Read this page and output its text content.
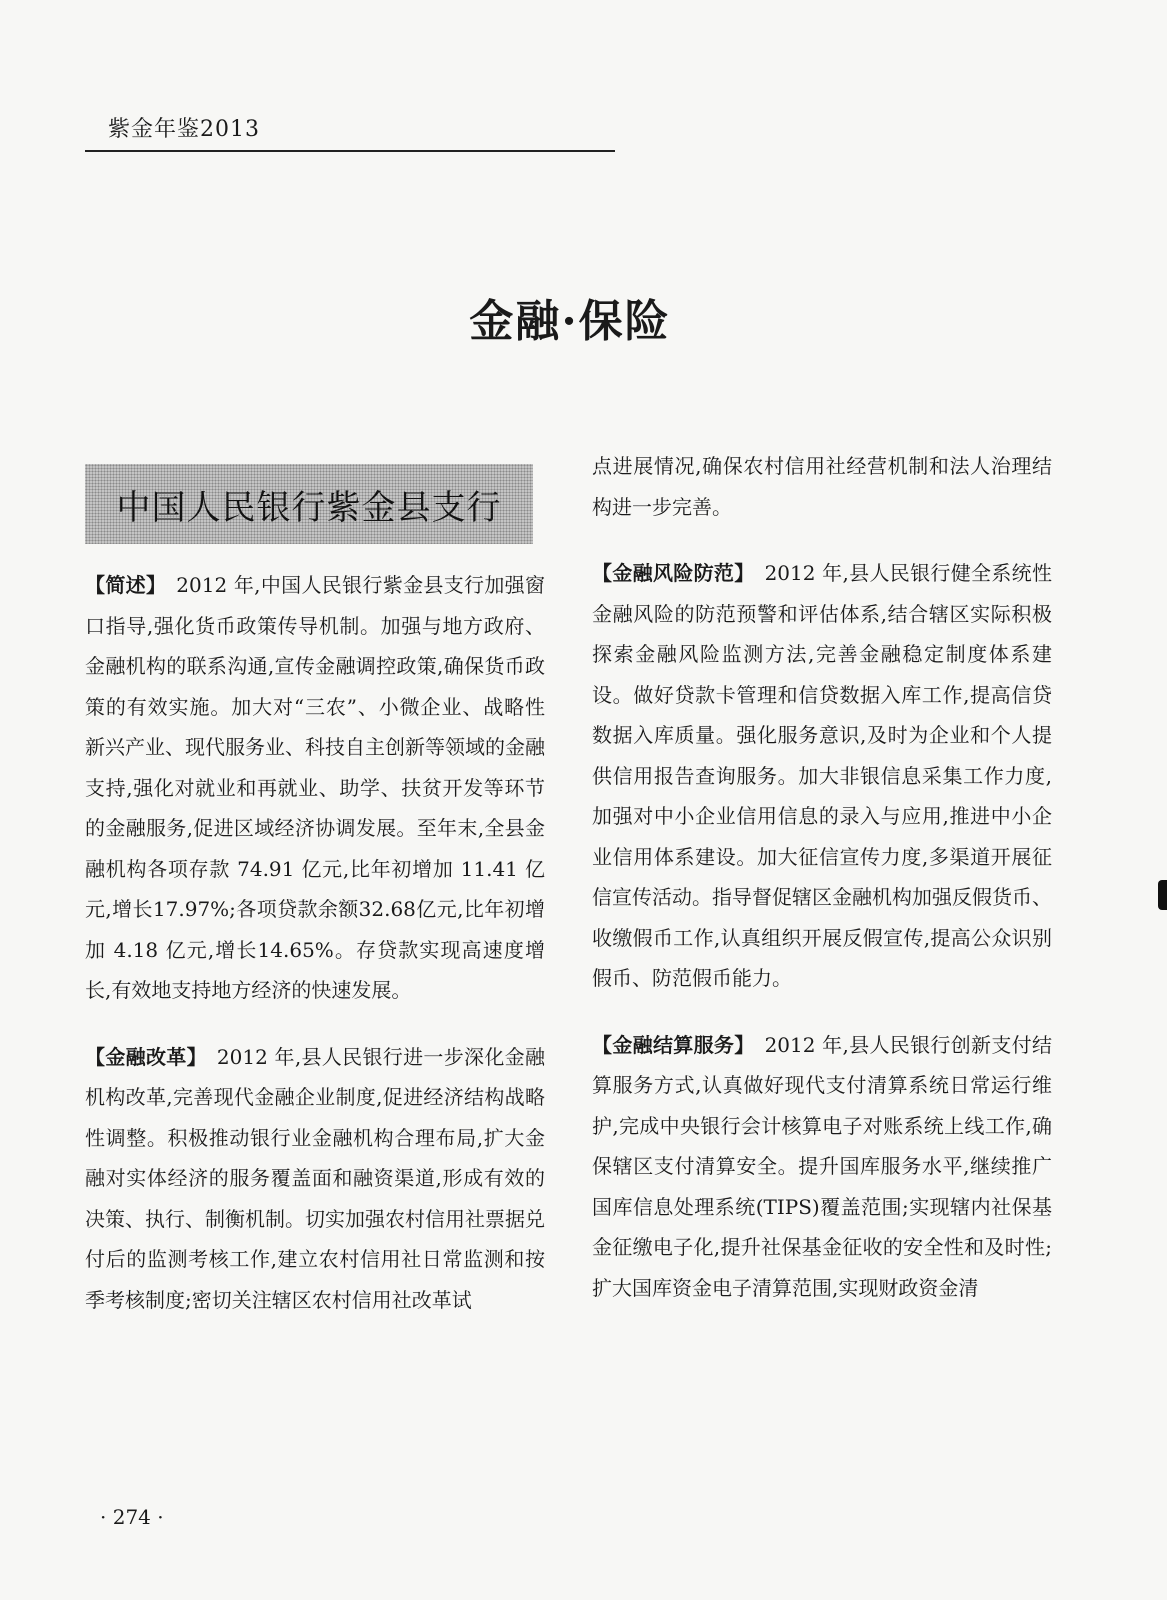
紫金年鉴2013
金融·保险
中国人民银行紫金县支行

【简述】 2012 年,中国人民银行紫金县支行加强窗口指导,强化货币政策传导机制。加强与地方政府、金融机构的联系沟通,宣传金融调控政策,确保货币政策的有效实施。加大对“三农”、小微企业、战略性新兴产业、现代服务业、科技自主创新等领域的金融支持,强化对就业和再就业、助学、扶贫开发等环节的金融服务,促进区域经济协调发展。至年末,全县金融机构各项存款 74.91 亿元,比年初增加 11.41 亿元,增长17.97%;各项贷款余额32.68亿元,比年初增加 4.18 亿元,增长14.65%。存贷款实现高速度增长,有效地支持地方经济的快速发展。

【金融改革】 2012 年,县人民银行进一步深化金融机构改革,完善现代金融企业制度,促进经济结构战略性调整。积极推动银行业金融机构合理布局,扩大金融对实体经济的服务覆盖面和融资渠道,形成有效的决策、执行、制衡机制。切实加强农村信用社票据兑付后的监测考核工作,建立农村信用社日常监测和按季考核制度;密切关注辖区农村信用社改革试

点进展情况,确保农村信用社经营机制和法人治理结构进一步完善。

【金融风险防范】 2012 年,县人民银行健全系统性金融风险的防范预警和评估体系,结合辖区实际积极探索金融风险监测方法,完善金融稳定制度体系建设。做好贷款卡管理和信贷数据入库工作,提高信贷数据入库质量。强化服务意识,及时为企业和个人提供信用报告查询服务。加大非银信息采集工作力度,加强对中小企业信用信息的录入与应用,推进中小企业信用体系建设。加大征信宣传力度,多渠道开展征信宣传活动。指导督促辖区金融机构加强反假货币、收缴假币工作,认真组织开展反假宣传,提高公众识别假币、防范假币能力。

【金融结算服务】 2012 年,县人民银行创新支付结算服务方式,认真做好现代支付清算系统日常运行维护,完成中央银行会计核算电子对账系统上线工作,确保辖区支付清算安全。提升国库服务水平,继续推广国库信息处理系统(TIPS)覆盖范围;实现辖内社保基金征缴电子化,提升社保基金征收的安全性和及时性;扩大国库资金电子清算范围,实现财政资金清

· 274 ·
